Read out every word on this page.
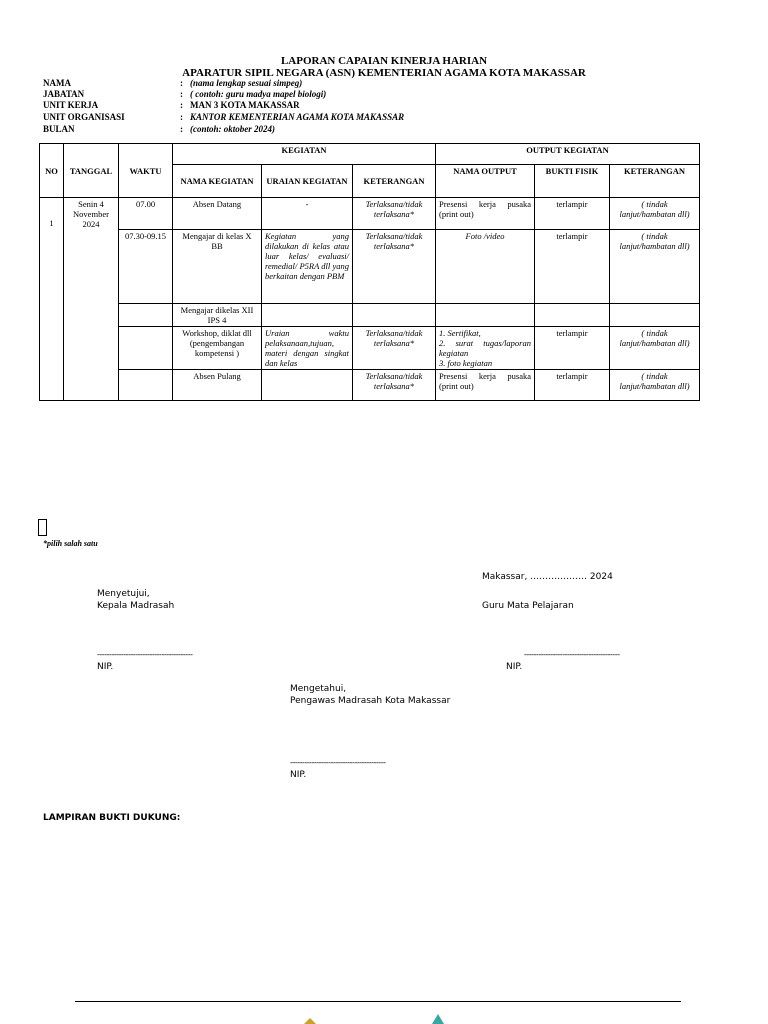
LAPORAN CAPAIAN KINERJA HARIAN
APARATUR SIPIL NEGARA (ASN) KEMENTERIAN AGAMA KOTA MAKASSAR
NAMA	: (nama lengkap sesuai simpeg)
JABATAN	: ( contoh: guru madya mapel biologi)
UNIT KERJA	: MAN 3 KOTA MAKASSAR
UNIT ORGANISASI	: KANTOR KEMENTERIAN AGAMA KOTA MAKASSAR
BULAN	: (contoh: oktober 2024)
NO	TANGGAL	WAKTU	KEGIATAN			OUTPUT KEGIATAN		
			NAMA KEGIATAN	URAIAN KEGIATAN	KETERANGAN	NAMA OUTPUT	BUKTI FISIK	KETERANGAN

1	Senin 4 November 2024	07.00	Absen Datang	-	Terlaksana/tidak terlaksana*	Presensi kerja pusaka (print out)	terlampir	( tindak lanjut/hambatan dll)
		07.30-09.15	Mengajar di kelas X BB	Kegiatan yang dilakukan di kelas atau luar kelas/ evaluasi/ remedial/ P5RA dll yang berkaitan dengan PBM	Terlaksana/tidak terlaksana*	Foto /video	terlampir	( tindak lanjut/hambatan dll)
			Mengajar dikelas XII IPS 4					
			Workshop, diklat dll (pengembangan kompetensi )	Uraian waktu pelaksanaan,tujuan, materi dengan singkat dan kelas	Terlaksana/tidak terlaksana*	1. Sertifikat,
2. surat tugas/laporan kegiatan
3. foto kegiatan	terlampir	( tindak lanjut/hambatan dll)
			Absen Pulang		Terlaksana/tidak terlaksana*	Presensi kerja pusaka (print out)	terlampir	( tindak lanjut/hambatan dll)
*pilih salah satu
Makassar, ………………. 2024
Menyetujui,
Kepala Madrasah	Guru Mata Pelajaran
----------------------------------------	----------------------------------------
NIP.	NIP.
Mengetahui,
Pengawas Madrasah Kota Makassar
----------------------------------------
NIP.
LAMPIRAN BUKTI DUKUNG:
